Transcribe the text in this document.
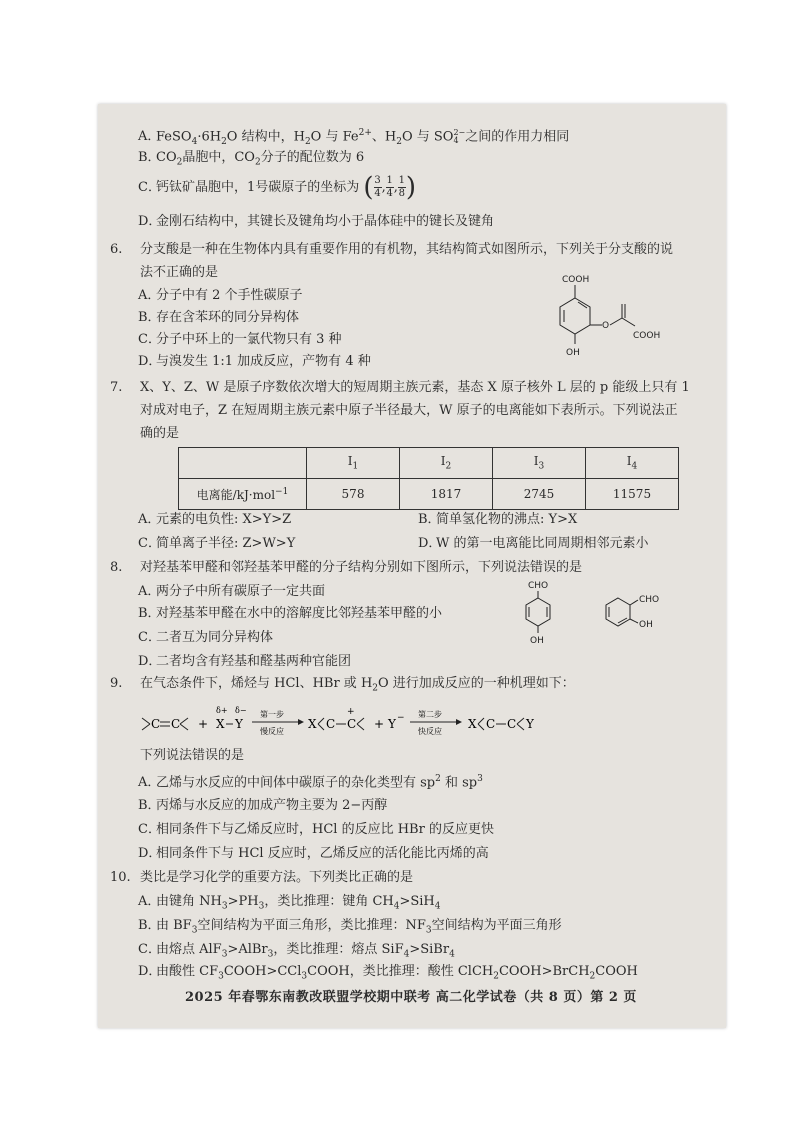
A．$FeSO_4\cdot 6H_2O$ 结构中，$H_2O$ 与 $Fe^{2+}$、$H_2O$ 与 SO 2−
4 之间的作用力相同
B．$CO_2$晶胞中，$CO_2$分子的配位数为 6
C．钙钛矿晶胞中，1号碳原子的坐标为 ( $\frac{3}{4}$ , $\frac{1}{4}$ , $\frac{1}{8}$ )
D．金刚石结构中，其键长及键角均小于晶体硅中的键长及键角
6. 分支酸是一种在生物体内具有重要作用的有机物，其结构简式如图所示，下列关于分支酸的说
法不正确的是
A．分子中有 2 个手性碳原子
B．存在含苯环的同分异构体
C．分子中环上的一氯代物只有 3 种
D．与溴发生 1:1 加成反应，产物有 4 种
COOH
O
COOH
OH
7. X、Y、Z、W 是原子序数依次增大的短周期主族元素，基态 X 原子核外 L 层的 p 能级上只有 1
对成对电子，Z 在短周期主族元素中原子半径最大，W 原子的电离能如下表所示。下列说法正
确的是
	$I_1$	$I_2$	$I_3$	$I_4$
电离能/kJ·mol$^{-1}$	578	1817	2745	11575
A．元素的电负性: X>Y>Z	B．简单氢化物的沸点: Y>X
C．简单离子半径: Z>W>Y	D．W 的第一电离能比同周期相邻元素小
8. 对羟基苯甲醛和邻羟基苯甲醛的分子结构分别如下图所示，下列说法错误的是
A．两分子中所有碳原子一定共面
B．对羟基苯甲醛在水中的溶解度比邻羟基苯甲醛的小
C．二者互为同分异构体
D．二者均含有羟基和醛基两种官能团
CHO
OH
CHO
OH
9. 在气态条件下，烯烃与 HCl、HBr 或 $H_2O$ 进行加成反应的一种机理如下：
C C +
δ+ δ−
X Y
第一步
慢反应
X C
+
C + Y − 第二步
快反应
X C C Y
下列说法错误的是
A．乙烯与水反应的中间体中碳原子的杂化类型有 $sp^2$ 和 $sp^3$
B．丙烯与水反应的加成产物主要为 2−丙醇
C．相同条件下与乙烯反应时，HCl 的反应比 HBr 的反应更快
D．相同条件下与 HCl 反应时，乙烯反应的活化能比丙烯的高
10. 类比是学习化学的重要方法。下列类比正确的是
A．由键角 $NH_3>PH_3$，类比推理：键角 $CH_4>SiH_4$
B．由 $BF_3$空间结构为平面三角形，类比推理：$NF_3$空间结构为平面三角形
C．由熔点 AlF$_3$>AlBr$_3$，类比推理：熔点 SiF$_4$>SiBr$_4$
D．由酸性 $CF_3COOH>CCl_3COOH$，类比推理：酸性 ClCH$_2$COOH>BrCH$_2$COOH
2025 年春鄂东南教改联盟学校期中联考 高二化学试卷（共 8 页）第 2 页
